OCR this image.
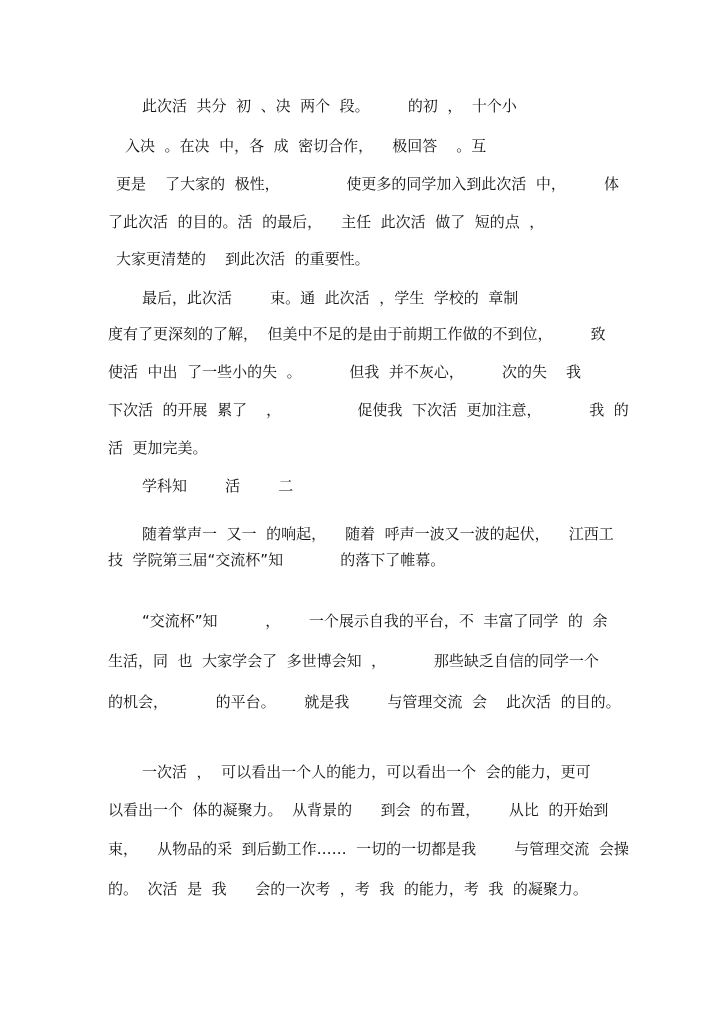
此次活  共分  初  、决  两个  段。        的初  ，  十个小

入决  。在决  中，各  成  密切合作，    极回答    。互

更是    了大家的  极性，              使更多的同学加入到此次活  中，        体

了此次活  的目的。活  的最后，    主任  此次活  做了  短的点  ，

大家更清楚的    到此次活  的重要性。

最后，此次活        束。通  此次活  ，学生  学校的  章制

度有了更深刻的了解，  但美中不足的是由于前期工作做的不到位，        致

使活  中出  了一些小的失  。          但我  并不灰心，        次的失    我

下次活  的开展  累了    ，                促使我  下次活  更加注意，          我  的

活  更加完美。

学科知        活        二

随着掌声一  又一  的响起，    随着  呼声一波又一波的起伏，    江西工

技  学院第三届“交流杯”知            的落下了帷幕。

“交流杯”知          ，      一个展示自我的平台，不  丰富了同学  的  余

生活，同  也  大家学会了  多世博会知  ，          那些缺乏自信的同学一个

的机会，          的平台。      就是我        与管理交流  会    此次活  的目的。

一次活  ，  可以看出一个人的能力，可以看出一个  会的能力，更可

以看出一个  体的凝聚力。  从背景的      到会  的布置，      从比  的开始到

束，    从物品的采  到后勤工作……  一切的一切都是我        与管理交流  会操

的。  次活  是  我      会的一次考  ，考  我  的能力，考  我  的凝聚力。
